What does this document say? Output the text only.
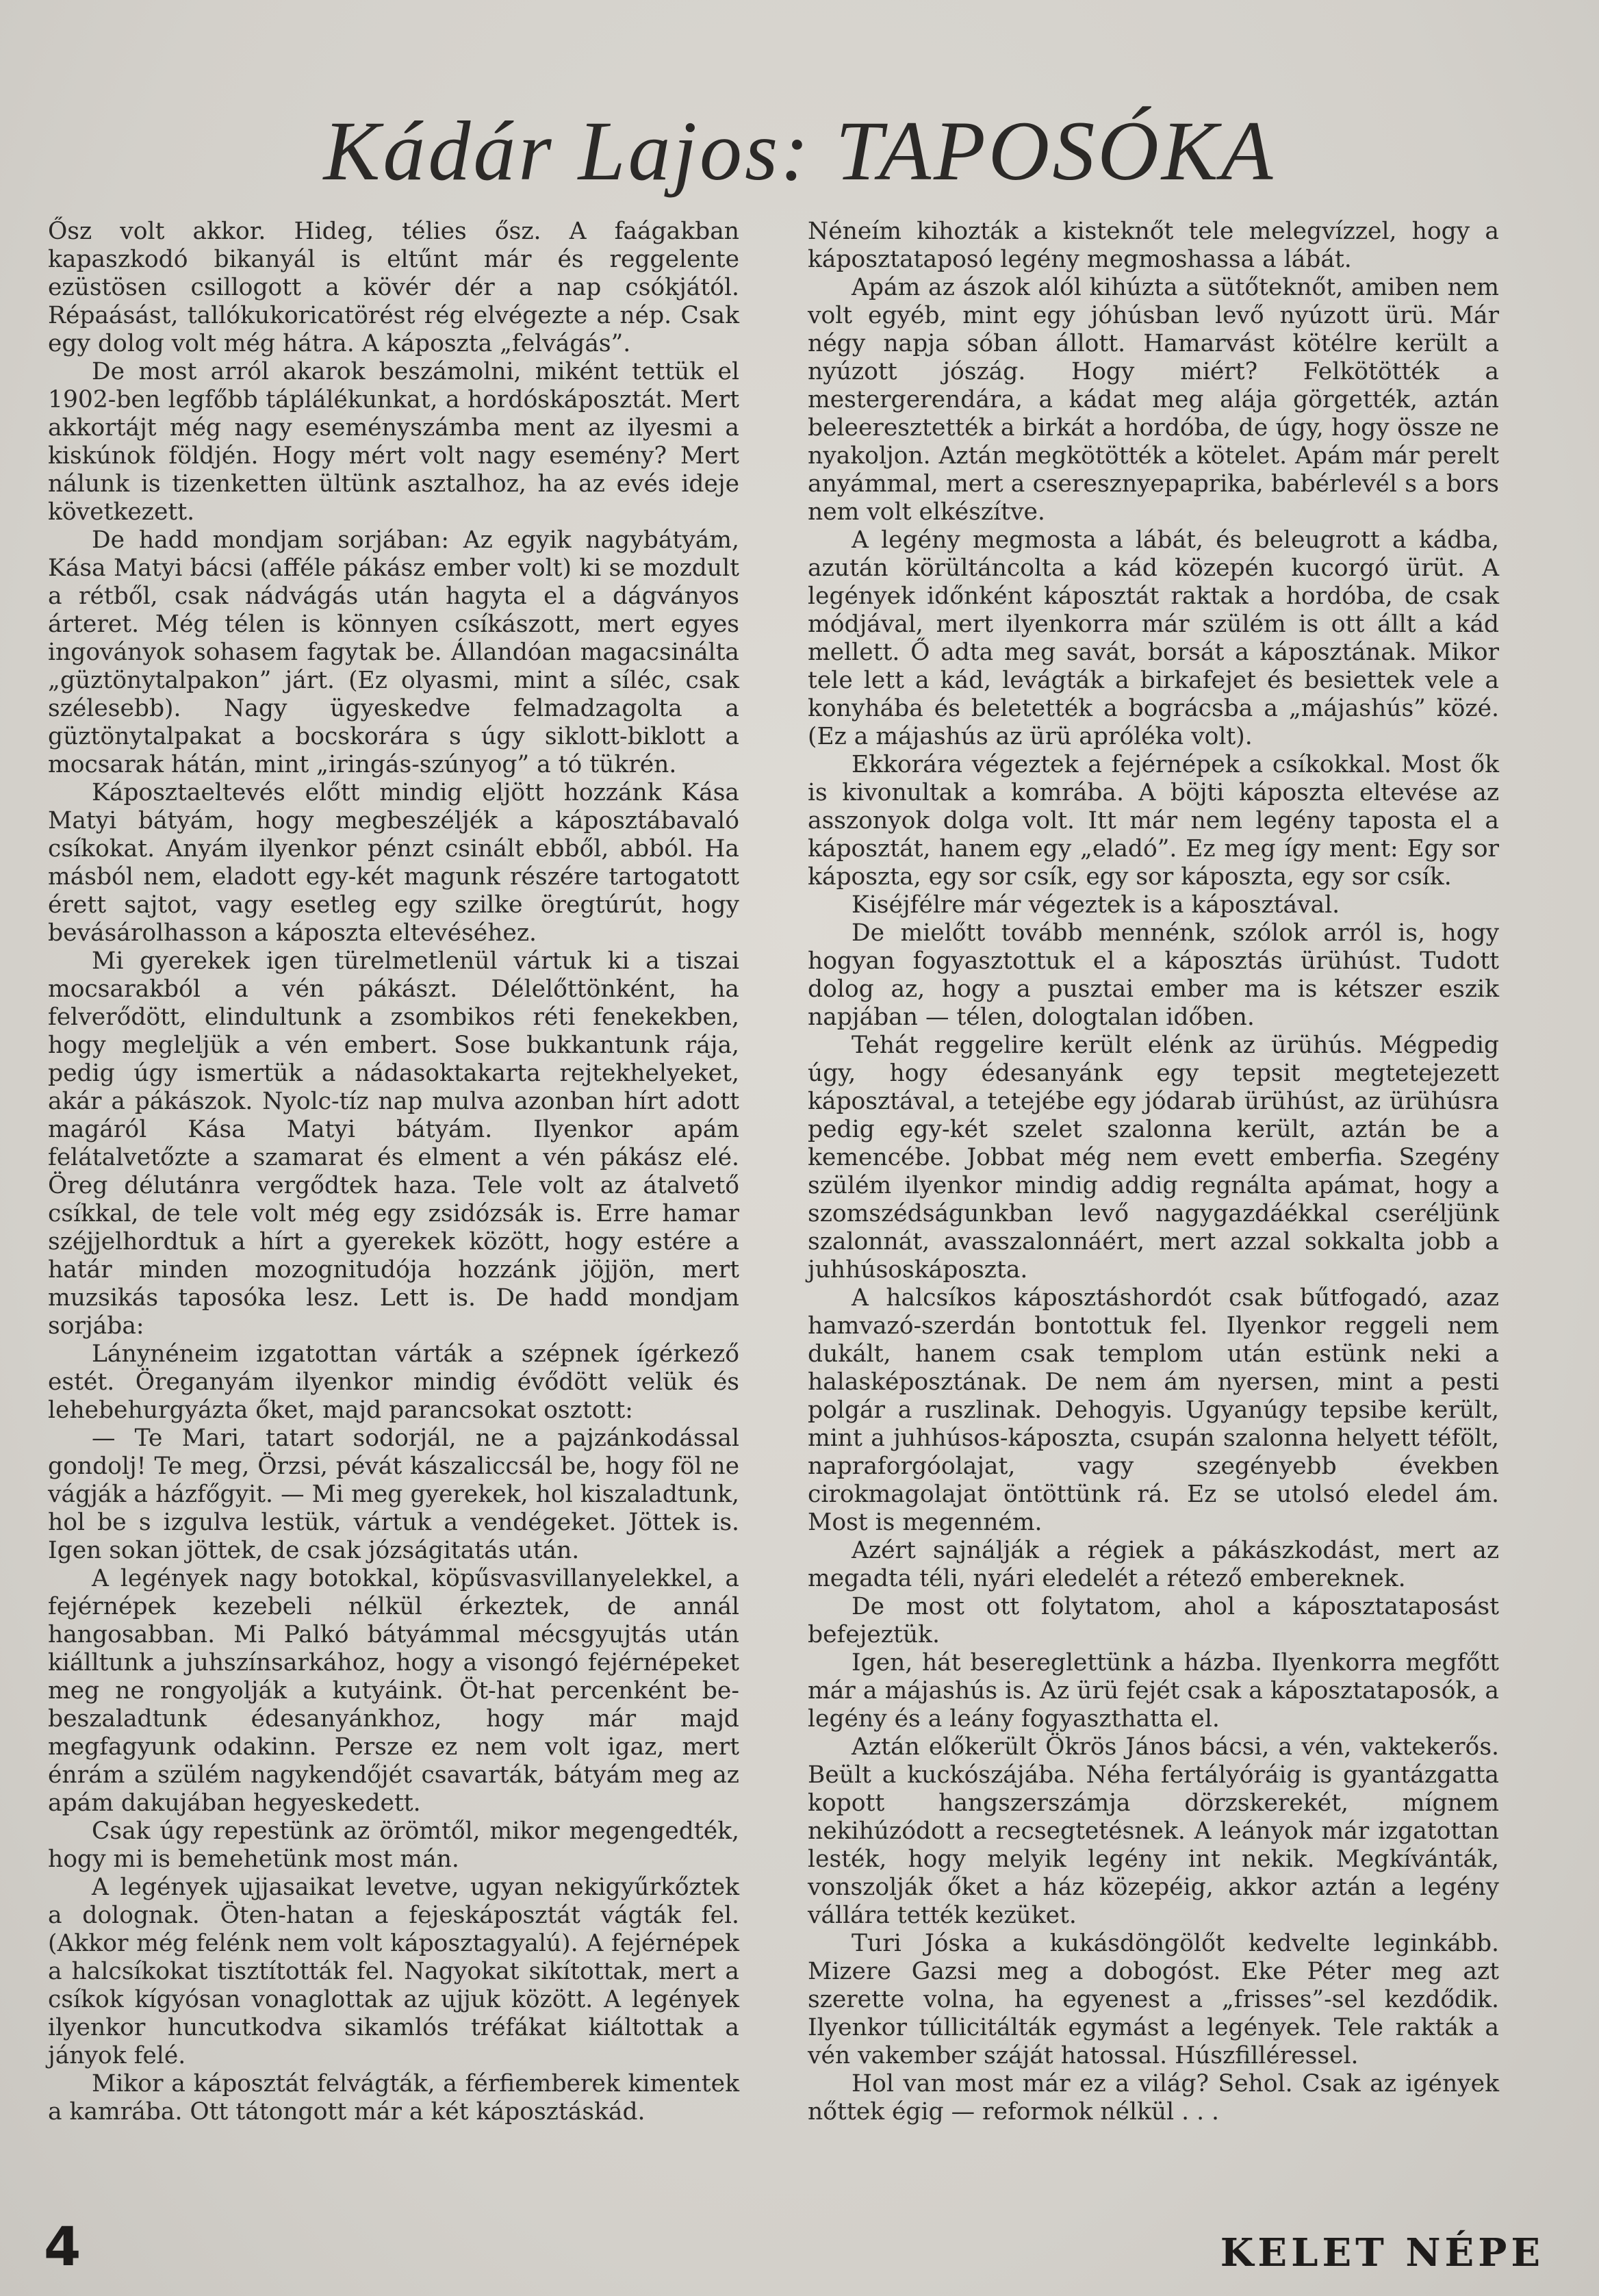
Kádár Lajos: TAPOSÓKA

Ősz volt akkor. Hideg, télies ősz. A faágakban kapaszkodó bikanyál is eltűnt már és reggelente ezüstösen csillogott a kövér dér a nap csókjától. Répaásást, tallókukoricatörést rég elvégezte a nép. Csak egy dolog volt még hátra. A káposzta „felvágás”.

De most arról akarok beszámolni, miként tettük el 1902-ben legfőbb táplálékunkat, a hordóskáposztát. Mert akkortájt még nagy eseményszámba ment az ilyesmi a kiskúnok földjén. Hogy mért volt nagy esemény? Mert nálunk is tizenketten ültünk asztalhoz, ha az evés ideje következett.

De hadd mondjam sorjában: Az egyik nagybátyám, Kása Matyi bácsi (afféle pákász ember volt) ki se mozdult a rétből, csak nádvágás után hagyta el a dágványos árteret. Még télen is könnyen csíkászott, mert egyes ingoványok sohasem fagytak be. Állandóan magacsinálta „güztönytalpakon” járt. (Ez olyasmi, mint a síléc, csak szélesebb). Nagy ügyeskedve felmadzagolta a güztönytalpakat a bocskorára s úgy siklott-biklott a mocsarak hátán, mint „iringás-szúnyog” a tó tükrén.

Káposztaeltevés előtt mindig eljött hozzánk Kása Matyi bátyám, hogy megbeszéljék a káposztábavaló csíkokat. Anyám ilyenkor pénzt csinált ebből, abból. Ha másból nem, eladott egy-két magunk részére tartogatott érett sajtot, vagy esetleg egy szilke öregtúrút, hogy bevásárolhasson a káposzta eltevéséhez.

Mi gyerekek igen türelmetlenül vártuk ki a tiszai mocsarakból a vén pákászt. Délelőttönként, ha felverődött, elindultunk a zsombikos réti fenekekben, hogy megleljük a vén embert. Sose bukkantunk rája, pedig úgy ismertük a nádasoktakarta rejtekhelyeket, akár a pákászok. Nyolc-tíz nap mulva azonban hírt adott magáról Kása Matyi bátyám. Ilyenkor apám felátalvetőzte a szamarat és elment a vén pákász elé. Öreg délutánra vergődtek haza. Tele volt az átalvető csíkkal, de tele volt még egy zsidózsák is. Erre hamar széjjelhordtuk a hírt a gyerekek között, hogy estére a határ minden mozognitudója hozzánk jöjjön, mert muzsikás taposóka lesz. Lett is. De hadd mondjam sorjába:

Lánynéneim izgatottan várták a szépnek ígérkező estét. Öreganyám ilyenkor mindig évődött velük és lehebehurgyázta őket, majd parancsokat osztott:

— Te Mari, tatart sodorjál, ne a pajzánkodással gondolj! Te meg, Örzsi, pévát kászaliccsál be, hogy föl ne vágják a házfőgyit. — Mi meg gyerekek, hol kiszaladtunk, hol be s izgulva lestük, vártuk a vendégeket. Jöttek is. Igen sokan jöttek, de csak józságitatás után.

A legények nagy botokkal, köpűsvasvillanyelekkel, a fejérnépek kezebeli nélkül érkeztek, de annál hangosabban. Mi Palkó bátyámmal mécsgyujtás után kiálltunk a juhszínsarkához, hogy a visongó fejérnépeket meg ne rongyolják a kutyáink. Öt-hat percenként be-beszaladtunk édesanyánkhoz, hogy már majd megfagyunk odakinn. Persze ez nem volt igaz, mert énrám a szülém nagykendőjét csavarták, bátyám meg az apám dakujában hegyeskedett.

Csak úgy repestünk az örömtől, mikor megengedték, hogy mi is bemehetünk most mán.

A legények ujjasaikat levetve, ugyan nekigyűrkőztek a dolognak. Öten-hatan a fejeskáposztát vágták fel. (Akkor még felénk nem volt káposztagyalú). A fejérnépek a halcsíkokat tisztították fel. Nagyokat sikítottak, mert a csíkok kígyósan vonaglottak az ujjuk között. A legények ilyenkor huncutkodva sikamlós tréfákat kiáltottak a jányok felé.

Mikor a káposztát felvágták, a férfiemberek kimentek a kamrába. Ott tátongott már a két káposztáskád.

Néneím kihozták a kisteknőt tele melegvízzel, hogy a káposztataposó legény megmoshassa a lábát.

Apám az ászok alól kihúzta a sütőteknőt, amiben nem volt egyéb, mint egy jóhúsban levő nyúzott ürü. Már négy napja sóban állott. Hamarvást kötélre került a nyúzott jószág. Hogy miért? Felkötötték a mestergerendára, a kádat meg alája görgették, aztán beleeresztették a birkát a hordóba, de úgy, hogy össze ne nyakoljon. Aztán megkötötték a kötelet. Apám már perelt anyámmal, mert a cseresznyepaprika, babérlevél s a bors nem volt elkészítve.

A legény megmosta a lábát, és beleugrott a kádba, azután körültáncolta a kád közepén kucorgó ürüt. A legények időnként káposztát raktak a hordóba, de csak módjával, mert ilyenkorra már szülém is ott állt a kád mellett. Ő adta meg savát, borsát a káposztának. Mikor tele lett a kád, levágták a birkafejet és besiettek vele a konyhába és beletették a bográcsba a „májashús” közé. (Ez a májashús az ürü apróléka volt).

Ekkorára végeztek a fejérnépek a csíkokkal. Most ők is kivonultak a komrába. A böjti káposzta eltevése az asszonyok dolga volt. Itt már nem legény taposta el a káposztát, hanem egy „eladó”. Ez meg így ment: Egy sor káposzta, egy sor csík, egy sor káposzta, egy sor csík.

Kiséjfélre már végeztek is a káposztával.

De mielőtt tovább mennénk, szólok arról is, hogy hogyan fogyasztottuk el a káposztás ürühúst. Tudott dolog az, hogy a pusztai ember ma is kétszer eszik napjában — télen, dologtalan időben.

Tehát reggelire került elénk az ürühús. Mégpedig úgy, hogy édesanyánk egy tepsit megtetejezett káposztával, a tetejébe egy jódarab ürühúst, az ürühúsra pedig egy-két szelet szalonna került, aztán be a kemencébe. Jobbat még nem evett emberfia. Szegény szülém ilyenkor mindig addig regnálta apámat, hogy a szomszédságunkban levő nagygazdáékkal cseréljünk szalonnát, avasszalonnáért, mert azzal sokkalta jobb a juhhúsoskáposzta.

A halcsíkos káposztáshordót csak bűtfogadó, azaz hamvazó-szerdán bontottuk fel. Ilyenkor reggeli nem dukált, hanem csak templom után estünk neki a halasképosztának. De nem ám nyersen, mint a pesti polgár a ruszlinak. Dehogyis. Ugyanúgy tepsibe került, mint a juhhúsos-káposzta, csupán szalonna helyett téfölt, napraforgóolajat, vagy szegényebb években cirokmagolajat öntöttünk rá. Ez se utolsó eledel ám. Most is megenném.

Azért sajnálják a régiek a pákászkodást, mert az megadta téli, nyári eledelét a rétező embereknek.

De most ott folytatom, ahol a káposztataposást befejeztük.

Igen, hát besereglettünk a házba. Ilyenkorra megfőtt már a májashús is. Az ürü fejét csak a káposztataposók, a legény és a leány fogyaszthatta el.

Aztán előkerült Ökrös János bácsi, a vén, vaktekerős. Beült a kuckószájába. Néha fertályóráig is gyantázgatta kopott hangszerszámja dörzskerekét, mígnem nekihúzódott a recsegtetésnek. A leányok már izgatottan lesték, hogy melyik legény int nekik. Megkívánták, vonszolják őket a ház közepéig, akkor aztán a legény vállára tették kezüket.

Turi Jóska a kukásdöngölőt kedvelte leginkább. Mizere Gazsi meg a dobogóst. Eke Péter meg azt szerette volna, ha egyenest a „frisses”-sel kezdődik. Ilyenkor túllicitálták egymást a legények. Tele rakták a vén vakember száját hatossal. Húszfilléressel.

Hol van most már ez a világ? Sehol. Csak az igények nőttek égig — reformok nélkül . . .

4	KELET NÉPE
